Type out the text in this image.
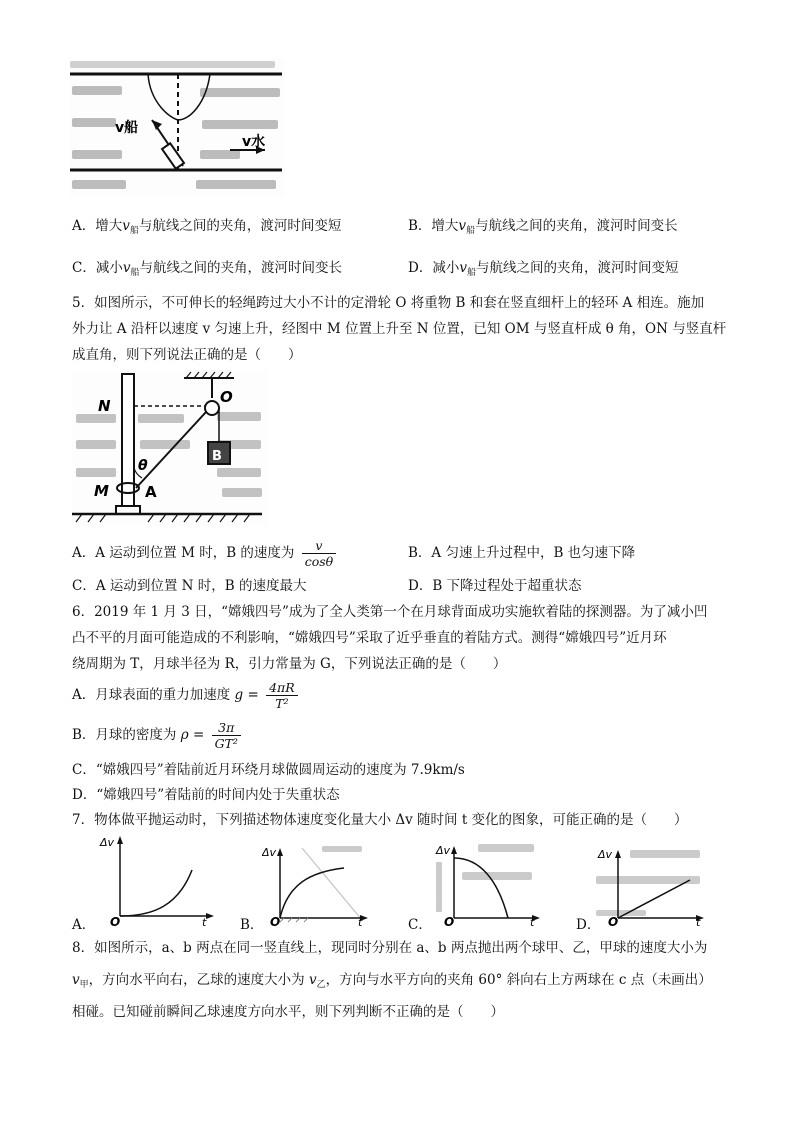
v船
v水
A．增大$v_船$与航线之间的夹角，渡河时间变短	B．增大$v_船$与航线之间的夹角，渡河时间变长
C．减小$v_船$与航线之间的夹角，渡河时间变长	D．减小$v_船$与航线之间的夹角，渡河时间变短
5．如图所示，不可伸长的轻绳跨过大小不计的定滑轮 O 将重物 B 和套在竖直细杆上的轻环 A 相连。施加
外力让 A 沿杆以速度 v 匀速上升，经图中 M 位置上升至 N 位置，已知 OM 与竖直杆成 θ 角，ON 与竖直杆
成直角，则下列说法正确的是（　　）
N	O
B
M A
θ
A．A 运动到位置 M 时，B 的速度为 $\frac{v}{\cos\theta}$	B．A 匀速上升过程中，B 也匀速下降
C．A 运动到位置 N 时，B 的速度最大	D．B 下降过程处于超重状态
6．2019 年 1 月 3 日，“嫦娥四号”成为了全人类第一个在月球背面成功实施软着陆的探测器。为了减小凹
凸不平的月面可能造成的不利影响，“嫦娥四号”采取了近乎垂直的着陆方式。测得“嫦娥四号”近月环
绕周期为 T，月球半径为 R，引力常量为 G，下列说法正确的是（　　）
A．月球表面的重力加速度 $g = \frac{4\pi R}{\text{T²}}$
B．月球的密度为 $\rho = \frac{3\pi}{\text{GT²}}$
C．“嫦娥四号”着陆前近月环绕月球做圆周运动的速度为 7.9km/s
D．“嫦娥四号”着陆前的时间内处于失重状态
7．物体做平抛运动时，下列描述物体速度变化量大小 Δv 随时间 t 变化的图象，可能正确的是（　　）
A．
Δv
t
O	B．
Δv
t
O	C．
Δv
t
O	D．
Δv
t
O
8．如图所示，a、b 两点在同一竖直线上，现同时分别在 a、b 两点抛出两个球甲、乙，甲球的速度大小为
$v_甲$，方向水平向右，乙球的速度大小为 $v_乙$，方向与水平方向的夹角 60° 斜向右上方两球在 c 点（未画出）
相碰。已知碰前瞬间乙球速度方向水平，则下列判断不正确的是（　　）
